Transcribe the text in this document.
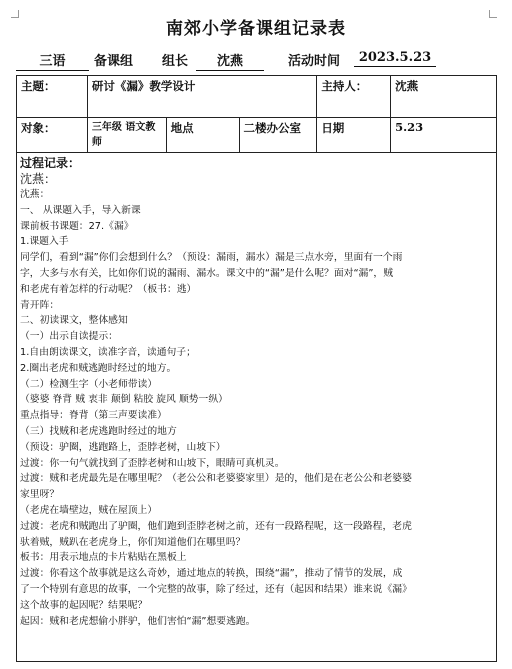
南郊小学备课组记录表
三语	备课组 组长	沈燕	活动时间	2023.5.23
主题：	研讨《漏》教学设计			主持人：	沈燕
对象：	三年级 语文教师	地点	二楼办公室	日期	5.23
过程记录：
沈燕：
沈燕：
一、 从课题入手，导入新课
课前板书课题：27.《漏》
1.课题入手
同学们，看到“漏”你们会想到什么？（预设：漏雨，漏水）漏是三点水旁，里面有一个雨
字，大多与水有关，比如你们说的漏雨、漏水。课文中的“漏”是什么呢？面对“漏”，贼
和老虎有着怎样的行动呢？（板书：逃）
青开阵：
二、初读课文，整体感知
（一）出示自读提示：
1.自由朗读课文，读准字音，读通句子；
2.圈出老虎和贼逃跑时经过的地方。
（二）检测生字（小老师带读）
（婆婆 脊背 贼 衷非 颠倒 粘胶 旋风 顺势一纵）
重点指导：脊背（第三声要读准）
（三）找贼和老虎逃跑时经过的地方
（预设：驴圈，逃跑路上，歪脖老树，山坡下）
过渡：你一句气就找到了歪脖老树和山坡下，眼睛可真机灵。
过渡：贼和老虎最先是在哪里呢？（老公公和老婆婆家里）是的，他们是在老公公和老婆婆
家里呀？
（老虎在墙壁边，贼在屋顶上）
过渡：老虎和贼跑出了驴圈，他们跑到歪脖老树之前，还有一段路程呢，这一段路程，老虎
驮着贼，贼趴在老虎身上，你们知道他们在哪里吗？
板书：用表示地点的卡片粘贴在黑板上
过渡：你看这个故事就是这么奇妙，通过地点的转换，围绕“漏”，推动了情节的发展，成
了一个特别有意思的故事，一个完整的故事，除了经过，还有（起因和结果）谁来说《漏》
这个故事的起因呢？结果呢？
起因：贼和老虎想偷小胖驴，他们害怕“漏”想要逃跑。
